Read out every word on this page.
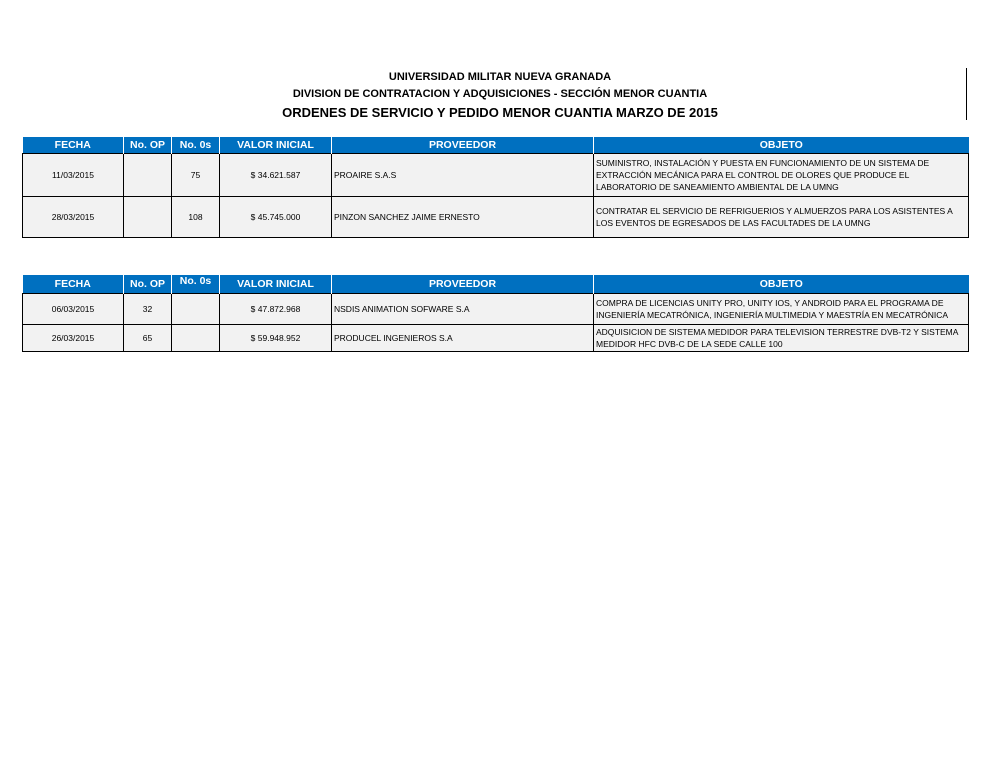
UNIVERSIDAD MILITAR NUEVA GRANADA
DIVISION DE CONTRATACION Y ADQUISICIONES - SECCIÓN MENOR CUANTIA
ORDENES DE SERVICIO Y PEDIDO MENOR CUANTIA MARZO DE 2015
FECHA	No. OP	No. 0s	VALOR INICIAL	PROVEEDOR	OBJETO
11/03/2015		75	$ 34.621.587	PROAIRE S.A.S	SUMINISTRO, INSTALACIÓN Y PUESTA EN FUNCIONAMIENTO DE UN SISTEMA DE EXTRACCIÓN MECÁNICA PARA EL CONTROL DE OLORES QUE PRODUCE EL LABORATORIO DE SANEAMIENTO AMBIENTAL DE LA UMNG
28/03/2015		108	$ 45.745.000	PINZON SANCHEZ JAIME ERNESTO	CONTRATAR EL SERVICIO DE REFRIGUERIOS Y ALMUERZOS PARA LOS ASISTENTES A LOS EVENTOS DE EGRESADOS DE LAS FACULTADES DE LA UMNG
FECHA	No. OP	No. 0s	VALOR INICIAL	PROVEEDOR	OBJETO
06/03/2015	32		$ 47.872.968	NSDIS ANIMATION SOFWARE S.A	COMPRA DE LICENCIAS UNITY PRO, UNITY IOS, Y ANDROID PARA EL PROGRAMA DE INGENIERÍA MECATRÓNICA, INGENIERÍA MULTIMEDIA Y MAESTRÍA EN MECATRÓNICA
26/03/2015	65		$ 59.948.952	PRODUCEL INGENIEROS S.A	ADQUISICION DE SISTEMA MEDIDOR PARA TELEVISION TERRESTRE DVB-T2 Y SISTEMA MEDIDOR HFC DVB-C DE LA SEDE CALLE 100
